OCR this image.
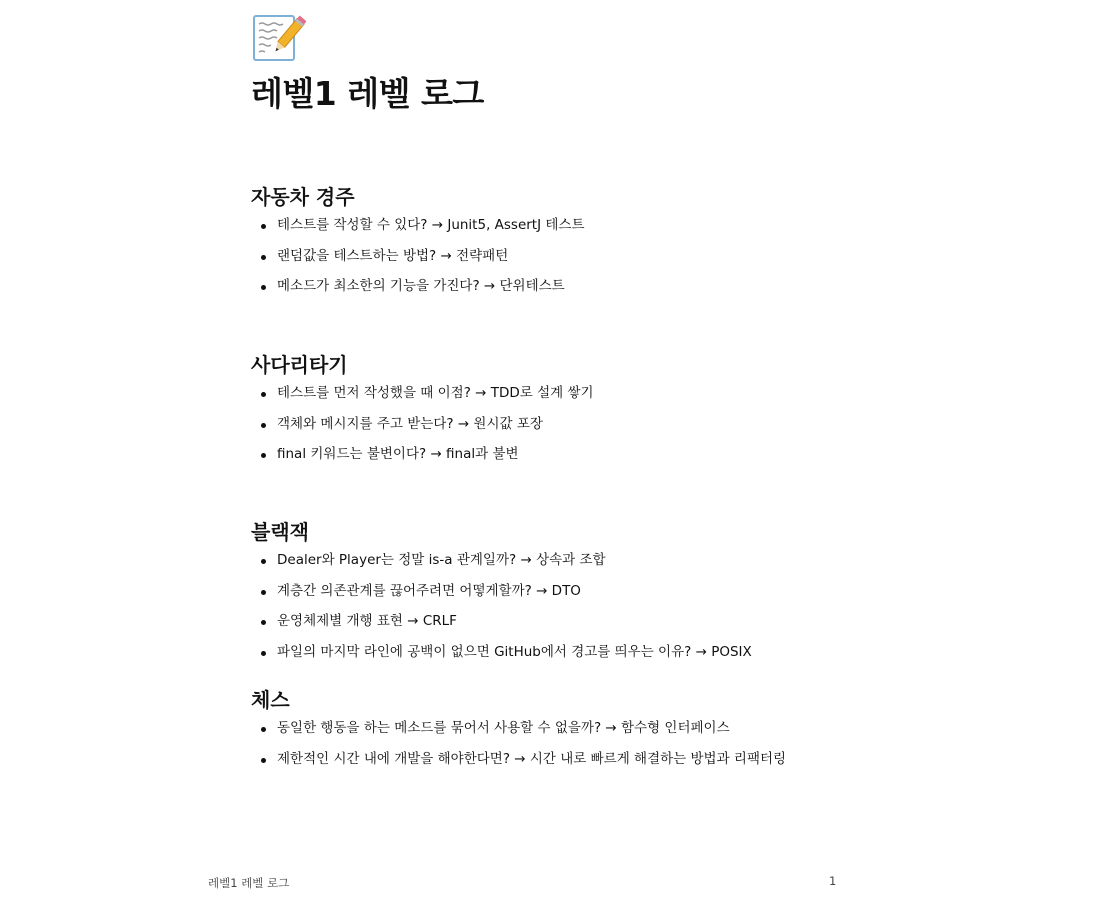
레벨1 레벨 로그
자동차 경주
테스트를 작성할 수 있다? → Junit5, AssertJ 테스트
랜덤값을 테스트하는 방법? → 전략패턴
메소드가 최소한의 기능을 가진다? → 단위테스트
사다리타기
테스트를 먼저 작성했을 때 이점? → TDD로 설계 쌓기
객체와 메시지를 주고 받는다? → 원시값 포장
final 키워드는 불변이다? → final과 불변
블랙잭
Dealer와 Player는 정말 is-a 관계일까? → 상속과 조합
계층간 의존관계를 끊어주려면 어떻게할까? → DTO
운영체제별 개행 표현 → CRLF
파일의 마지막 라인에 공백이 없으면 GitHub에서 경고를 띄우는 이유? → POSIX
체스
동일한 행동을 하는 메소드를 묶어서 사용할 수 없을까? → 함수형 인터페이스
제한적인 시간 내에 개발을 해야한다면? → 시간 내로 빠르게 해결하는 방법과 리팩터링
레벨1 레벨 로그	1
